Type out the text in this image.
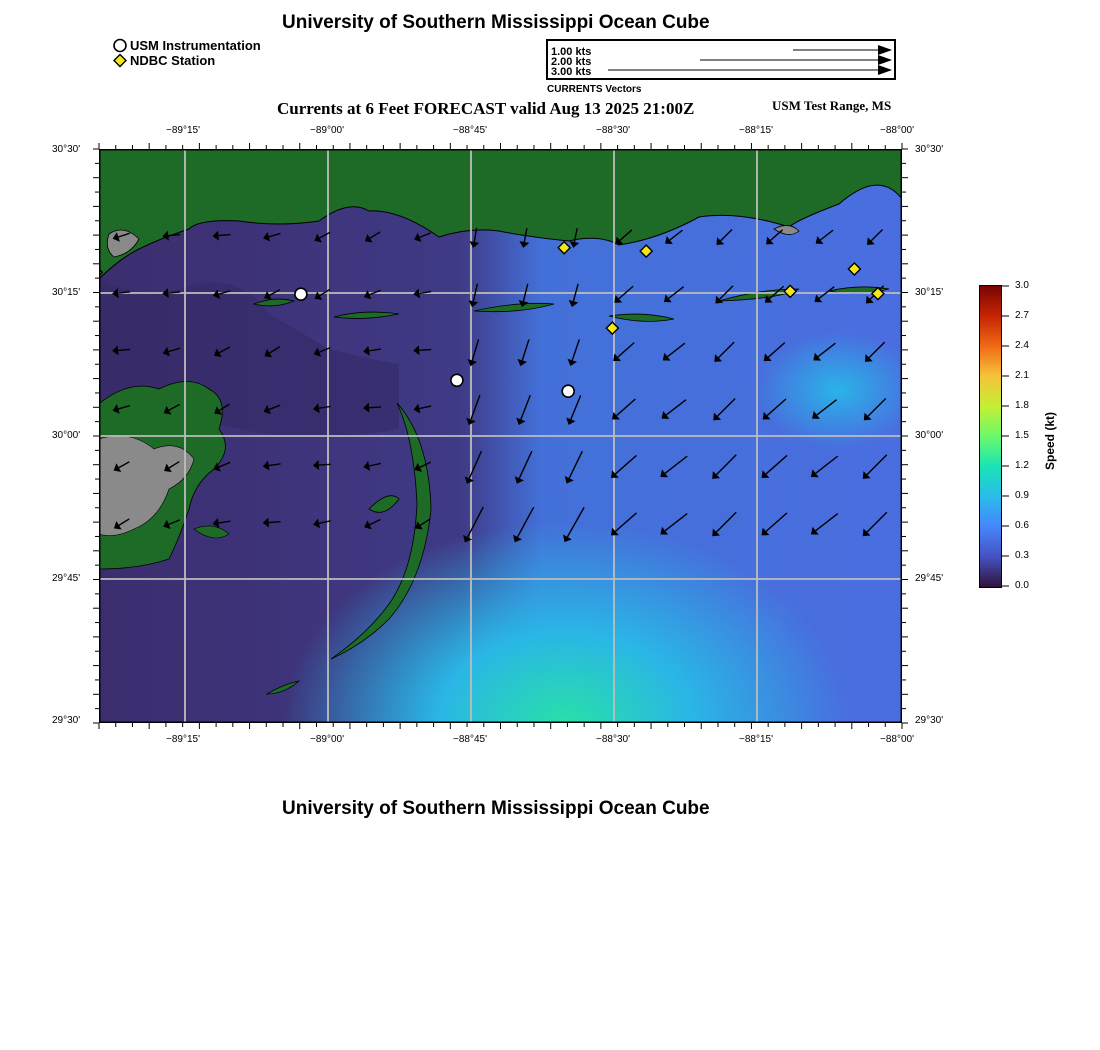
University of Southern Mississippi Ocean Cube
USM Instrumentation
NDBC Station
1.00 kts
2.00 kts
3.00 kts
CURRENTS Vectors
Currents at 6 Feet FORECAST valid Aug 13 2025 21:00Z	USM Test Range, MS
−89°15'	−89°00'	−88°45'	−88°30'	−88°15'	−88°00'
−89°15'	−89°00'	−88°45'	−88°30'	−88°15'	−88°00'
30°30'
30°15'
30°00'
29°45'
29°30'
30°30'
30°15'
30°00'
29°45'
29°30'
3.0
2.7
2.4
2.1
1.8
1.5
1.2
0.9
0.6
0.3
0.0
Speed (kt)
University of Southern Mississippi Ocean Cube
